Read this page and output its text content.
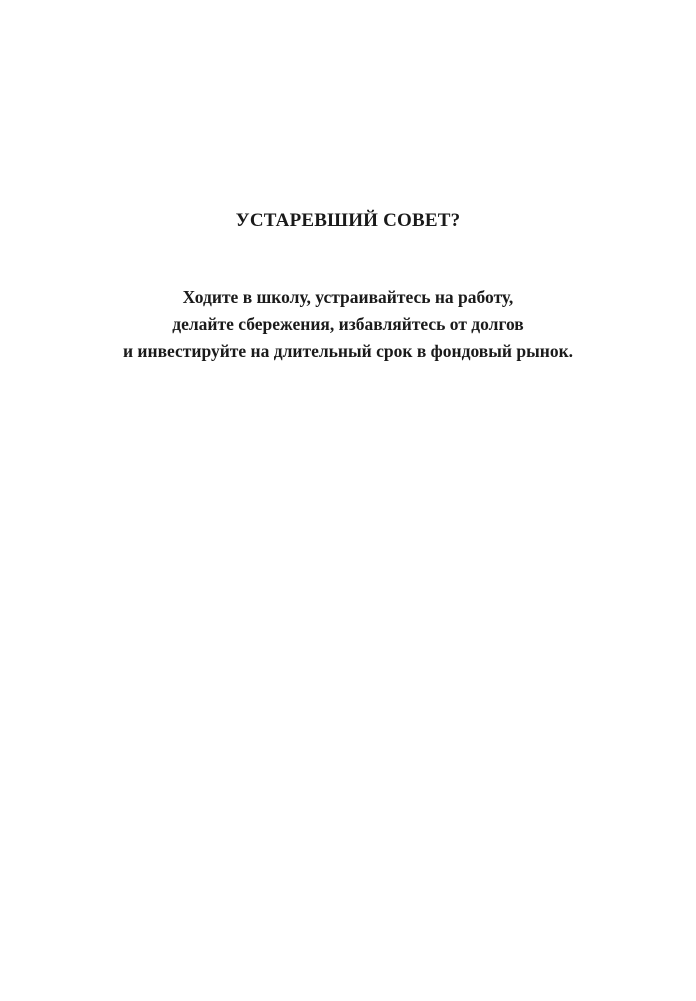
УСТАРЕВШИЙ СОВЕТ?

Ходите в школу, устраивайтесь на работу,
делайте сбережения, избавляйтесь от долгов
и инвестируйте на длительный срок в фондовый рынок.
